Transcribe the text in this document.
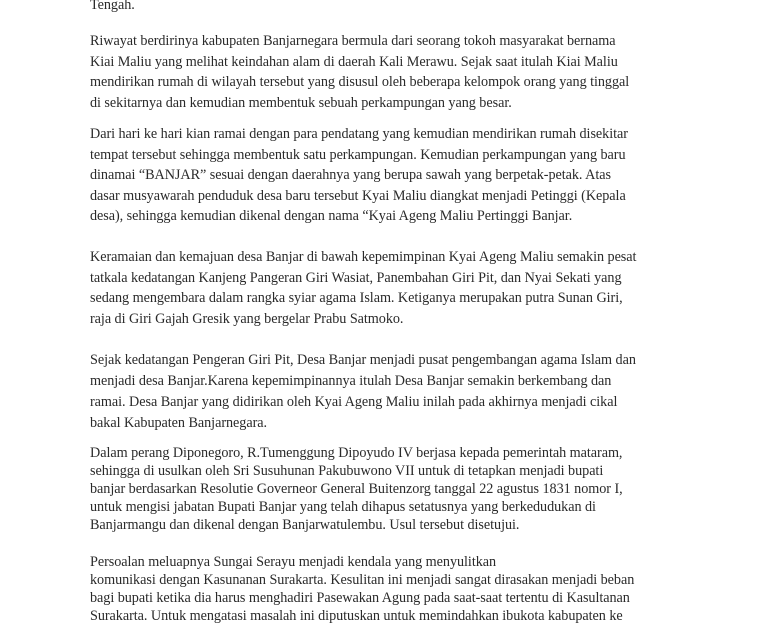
Tengah.

Riwayat berdirinya kabupaten Banjarnegara bermula dari seorang tokoh masyarakat bernama
Kiai Maliu yang melihat keindahan alam di daerah Kali Merawu. Sejak saat itulah Kiai Maliu
mendirikan rumah di wilayah tersebut yang disusul oleh beberapa kelompok orang yang tinggal
di sekitarnya dan kemudian membentuk sebuah perkampungan yang besar.

Dari hari ke hari kian ramai dengan para pendatang yang kemudian mendirikan rumah disekitar
tempat tersebut sehingga membentuk satu perkampungan. Kemudian perkampungan yang baru
dinamai “BANJAR” sesuai dengan daerahnya yang berupa sawah yang berpetak-petak. Atas
dasar musyawarah penduduk desa baru tersebut Kyai Maliu diangkat menjadi Petinggi (Kepala
desa), sehingga kemudian dikenal dengan nama “Kyai Ageng Maliu Pertinggi Banjar.

Keramaian dan kemajuan desa Banjar di bawah kepemimpinan Kyai Ageng Maliu semakin pesat
tatkala kedatangan Kanjeng Pangeran Giri Wasiat, Panembahan Giri Pit, dan Nyai Sekati yang
sedang mengembara dalam rangka syiar agama Islam. Ketiganya merupakan putra Sunan Giri,
raja di Giri Gajah Gresik yang bergelar Prabu Satmoko.

Sejak kedatangan Pengeran Giri Pit, Desa Banjar menjadi pusat pengembangan agama Islam dan
menjadi desa Banjar.Karena kepemimpinannya itulah Desa Banjar semakin berkembang dan
ramai. Desa Banjar yang didirikan oleh Kyai Ageng Maliu inilah pada akhirnya menjadi cikal
bakal Kabupaten Banjarnegara.

Dalam perang Diponegoro, R.Tumenggung Dipoyudo IV berjasa kepada pemerintah mataram,
sehingga di usulkan oleh Sri Susuhunan Pakubuwono VII untuk di tetapkan menjadi bupati
banjar berdasarkan Resolutie Governeor General Buitenzorg tanggal 22 agustus 1831 nomor I,
untuk mengisi jabatan Bupati Banjar yang telah dihapus setatusnya yang berkedudukan di
Banjarmangu dan dikenal dengan Banjarwatulembu. Usul tersebut disetujui.

Persoalan meluapnya Sungai Serayu menjadi kendala yang menyulitkan
komunikasi dengan Kasunanan Surakarta. Kesulitan ini menjadi sangat dirasakan menjadi beban
bagi bupati ketika dia harus menghadiri Pasewakan Agung pada saat-saat tertentu di Kasultanan
Surakarta. Untuk mengatasi masalah ini diputuskan untuk memindahkan ibukota kabupaten ke
